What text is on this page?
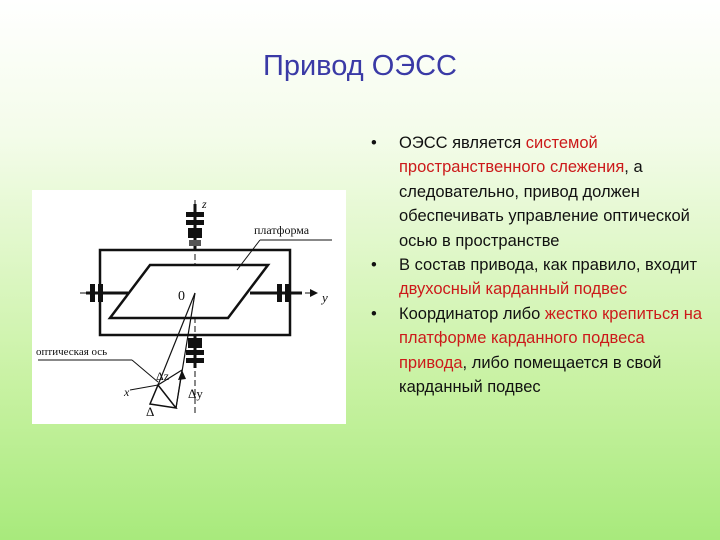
Привод ОЭСС
платформа
оптическая ось
z
y
x
0
Δz
Δy
Δ
• ОЭСС является системой пространственного слежения, а следовательно, привод должен обеспечивать управление оптической осью в пространстве
• В состав привода, как правило, входит двухосный карданный подвес
• Координатор либо жестко крепиться на платформе карданного подвеса привода, либо помещается в свой карданный подвес
